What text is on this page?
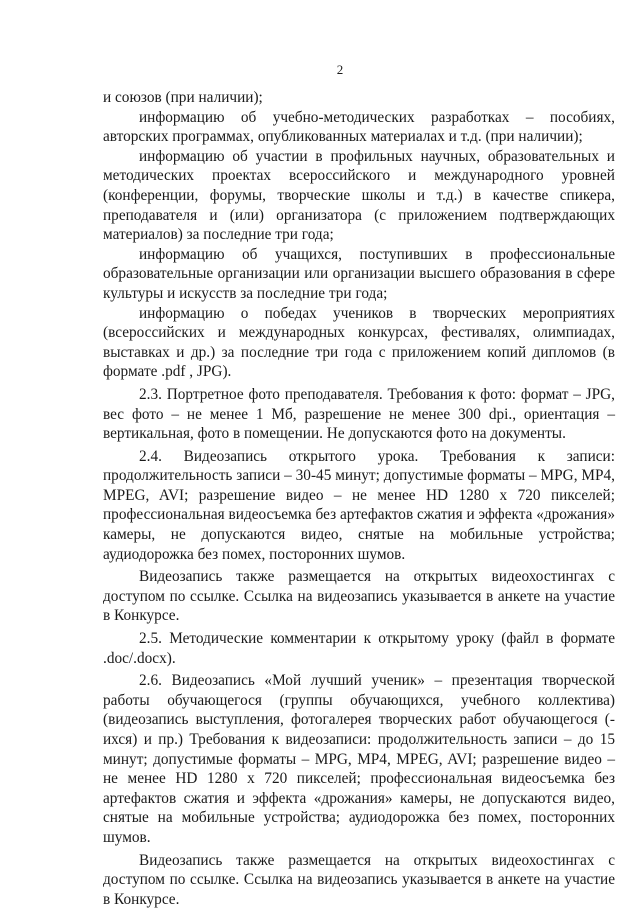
2

и союзов (при наличии);

информацию об учебно-методических разработках – пособиях, авторских программах, опубликованных материалах и т.д. (при наличии);

информацию об участии в профильных научных, образовательных и методических проектах всероссийского и международного уровней (конференции, форумы, творческие школы и т.д.) в качестве спикера, преподавателя и (или) организатора (с приложением подтверждающих материалов) за последние три года;

информацию об учащихся, поступивших в профессиональные образовательные организации или организации высшего образования в сфере культуры и искусств за последние три года;

информацию о победах учеников в творческих мероприятиях (всероссийских и международных конкурсах, фестивалях, олимпиадах, выставках и др.) за последние три года с приложением копий дипломов (в формате .pdf , JPG).

2.3. Портретное фото преподавателя. Требования к фото: формат – JPG, вес фото – не менее 1 Мб, разрешение не менее 300 dpi., ориентация – вертикальная, фото в помещении. Не допускаются фото на документы.

2.4. Видеозапись открытого урока. Требования к записи: продолжительность записи – 30-45 минут; допустимые форматы – MPG, MP4, MPEG, AVI; разрешение видео – не менее HD 1280 x 720 пикселей; профессиональная видеосъемка без артефактов сжатия и эффекта «дрожания» камеры, не допускаются видео, снятые на мобильные устройства; аудиодорожка без помех, посторонних шумов.

Видеозапись также размещается на открытых видеохостингах с доступом по ссылке. Ссылка на видеозапись указывается в анкете на участие в Конкурсе.

2.5. Методические комментарии к открытому уроку (файл в формате .doc/.docx).

2.6. Видеозапись «Мой лучший ученик» – презентация творческой работы обучающегося (группы обучающихся, учебного коллектива) (видеозапись выступления, фотогалерея творческих работ обучающегося (-ихся) и пр.) Требования к видеозаписи: продолжительность записи – до 15 минут; допустимые форматы – MPG, MP4, MPEG, AVI; разрешение видео – не менее HD 1280 x 720 пикселей; профессиональная видеосъемка без артефактов сжатия и эффекта «дрожания» камеры, не допускаются видео, снятые на мобильные устройства; аудиодорожка без помех, посторонних шумов.

Видеозапись также размещается на открытых видеохостингах с доступом по ссылке. Ссылка на видеозапись указывается в анкете на участие в Конкурсе.
